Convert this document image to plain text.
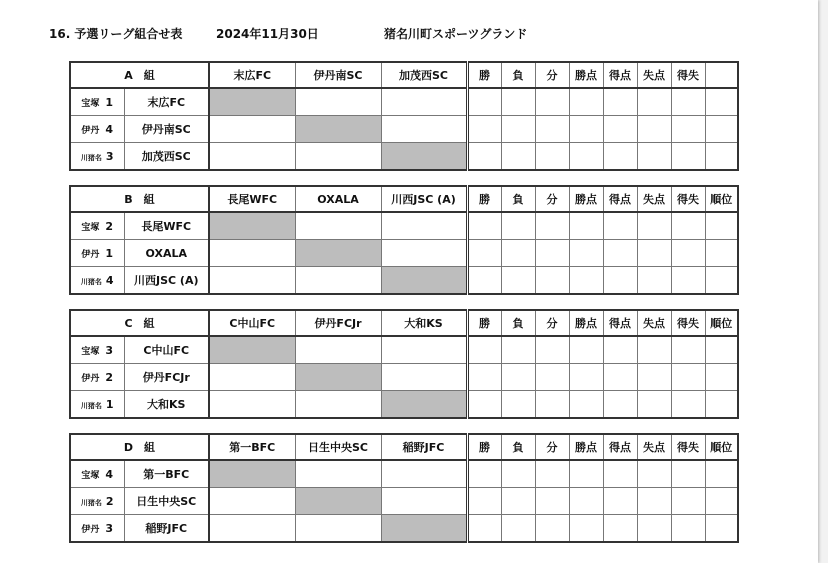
16. 予選リーグ組合せ表	2024年11月30日	猪名川町スポーツグランド
A　組		末広FC	伊丹南SC	加茂西SC	勝	負	分	勝点	得点	失点	得失	
宝塚 1	末広FC											
伊丹 4	伊丹南SC											
川猪名 3	加茂西SC											
B　組		長尾WFC	OXALA	川西JSC (A)	勝	負	分	勝点	得点	失点	得失	順位
宝塚 2	長尾WFC											
伊丹 1	OXALA											
川猪名 4	川西JSC (A)											
C　組		C中山FC	伊丹FCJr	大和KS	勝	負	分	勝点	得点	失点	得失	順位
宝塚 3	C中山FC											
伊丹 2	伊丹FCJr											
川猪名 1	大和KS											
D　組		第一BFC	日生中央SC	稲野JFC	勝	負	分	勝点	得点	失点	得失	順位
宝塚 4	第一BFC											
川猪名 2	日生中央SC											
伊丹 3	稲野JFC											
